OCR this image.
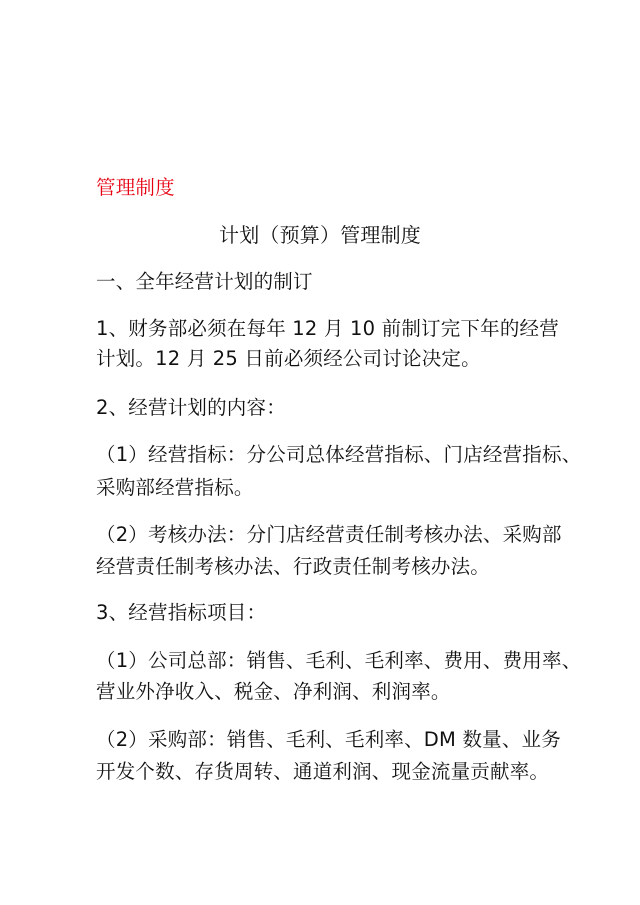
管理制度
计划（预算）管理制度
一、全年经营计划的制订
1、财务部必须在每年 12 月 10 前制订完下年的经营
计划。12 月 25 日前必须经公司讨论决定。
2、经营计划的内容：
（1）经营指标：分公司总体经营指标、门店经营指标、
采购部经营指标。
（2）考核办法：分门店经营责任制考核办法、采购部
经营责任制考核办法、行政责任制考核办法。
3、经营指标项目：
（1）公司总部：销售、毛利、毛利率、费用、费用率、
营业外净收入、税金、净利润、利润率。
（2）采购部：销售、毛利、毛利率、DM 数量、业务
开发个数、存货周转、通道利润、现金流量贡献率。
